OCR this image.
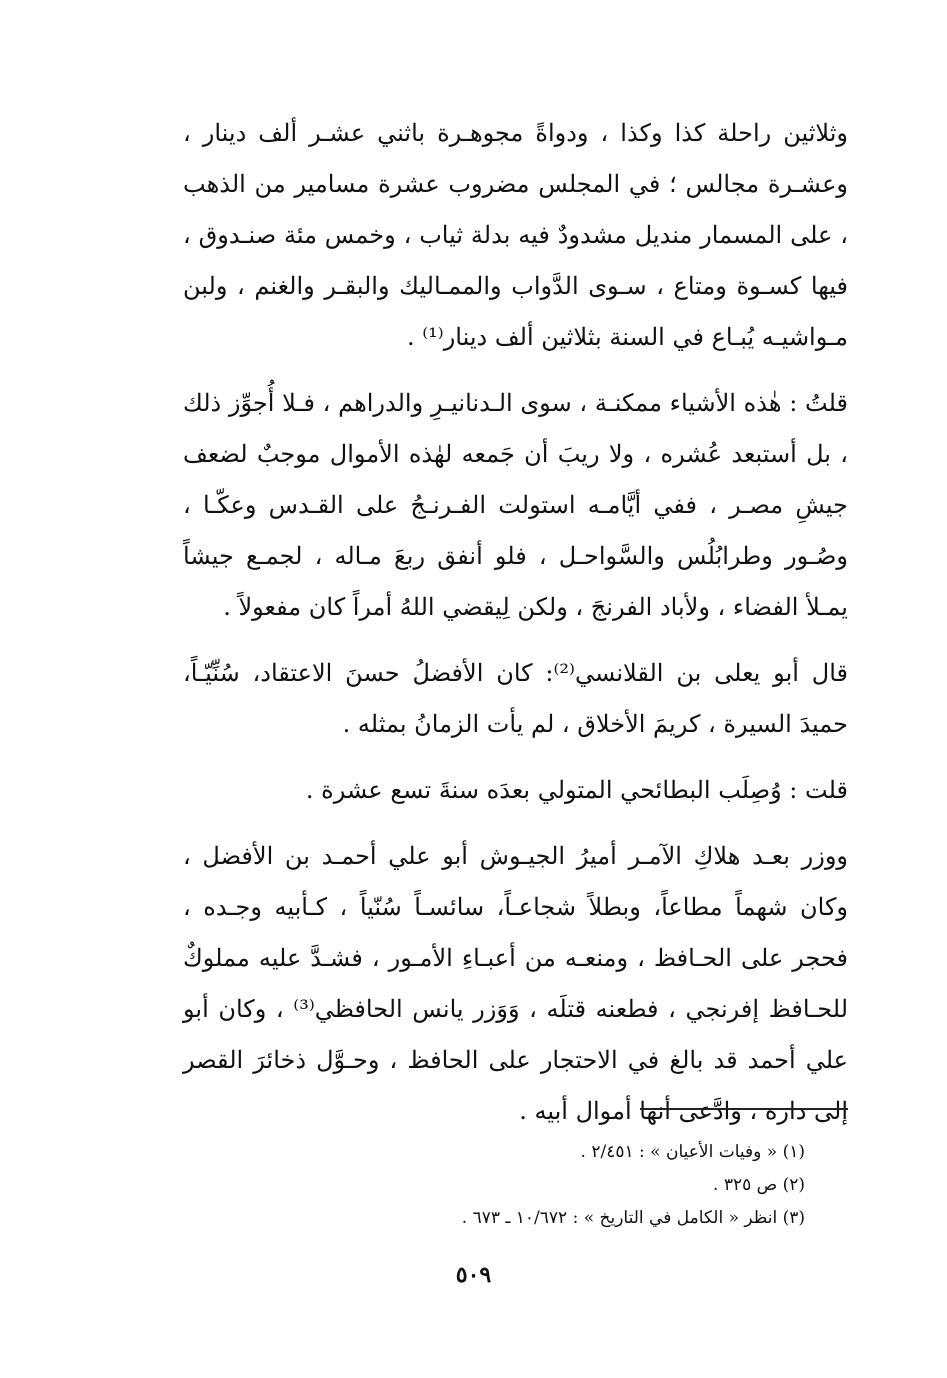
وثلاثين راحلة كذا وكذا ، ودواةً مجوهـرة باثني عشـر ألف دينار ، وعشـرة مجالس ؛ في المجلس مضروب عشرة مسامير من الذهب ، على المسمار منديل مشدودٌ فيه بدلة ثياب ، وخمس مئة صنـدوق ، فيها كسـوة ومتاع ، سـوى الدَّواب والممـاليك والبقـر والغنم ، ولبن مـواشيـه يُبـاع في السنة بثلاثين ألف دينار⁽¹⁾ .

قلتُ : هٰذه الأشياء ممكنـة ، سوى الـدنانيـرِ والدراهم ، فـلا أُجوِّز ذلك ، بل أستبعد عُشره ، ولا ريبَ أن جَمعه لهٰذه الأموال موجبٌ لضعف جيشِ مصـر ، ففي أيَّامـه استولت الفـرنـجُ على القـدس وعكّـا ، وصُـور وطرابُلُس والسَّواحـل ، فلو أنفق ربعَ مـاله ، لجمـع جيشاً يمـلأ الفضاء ، ولأباد الفرنجَ ، ولكن لِيقضي اللهُ أمراً كان مفعولاً .

قال أبو يعلى بن القلانسي⁽²⁾: كان الأفضلُ حسنَ الاعتقاد، سُنِّيّـاً، حميدَ السيرة ، كريمَ الأخلاق ، لم يأت الزمانُ بمثله .

قلت : وُصِلَب البطائحي المتولي بعدَه سنةَ تسع عشرة .

ووزر بعـد هلاكِ الآمـر أميرُ الجيـوش أبو علي أحمـد بن الأفضل ، وكان شهماً مطاعاً، وبطلاً شجاعـاً، سائسـاً سُنّياً ، كـأبيه وجـده ، فحجر على الحـافظ ، ومنعـه من أعبـاءِ الأمـور ، فشـدَّ عليه مملوكٌ للحـافظ إفرنجي ، فطعنه قتلَه ، وَوَزر يانس الحافظي⁽³⁾ ، وكان أبو علي أحمد قد بالغ في الاحتجار على الحافظ ، وحـوَّل ذخائرَ القصر إلى داره ، وادَّعى أنها أموال أبيه .

(١) « وفيات الأعيان » : ٢/٤٥١ .

(٢) ص ٣٢٥ .

(٣) انظر « الكامل في التاريخ » : ١٠/٦٧٢ ـ ٦٧٣ .

٥٠٩
